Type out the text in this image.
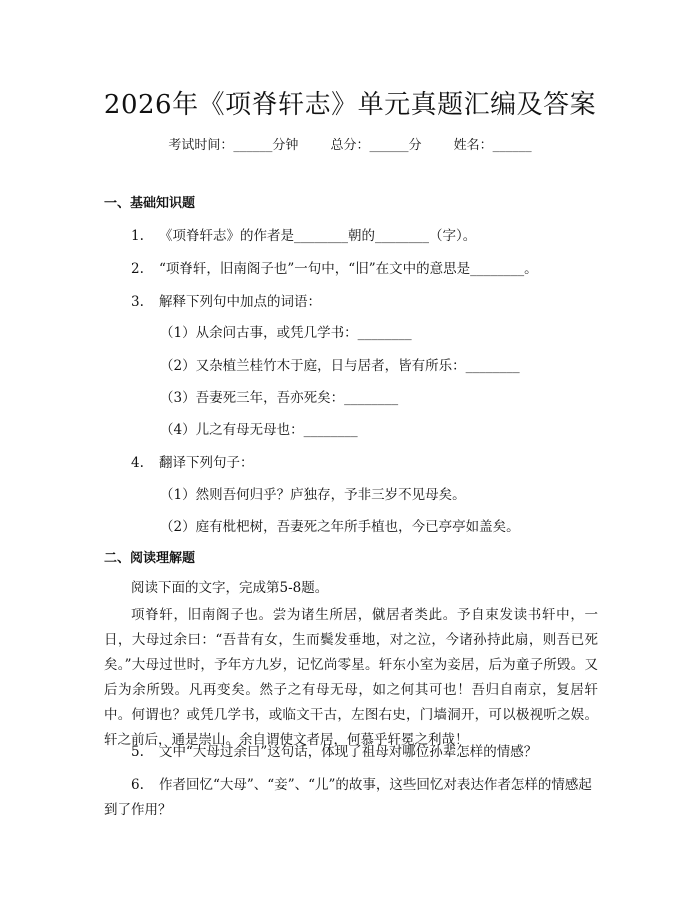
2026年《项脊轩志》单元真题汇编及答案
考试时间：______分钟 总分：______分 姓名：______
一、基础知识题
1. 《项脊轩志》的作者是________朝的________（字）。
2. “项脊轩，旧南阁子也”一句中，“旧”在文中的意思是________。
3. 解释下列句中加点的词语：
（1）从余问古事，或凭几学书：________
（2）又杂植兰桂竹木于庭，日与居者，皆有所乐：________
（3）吾妻死三年，吾亦死矣：________
（4）儿之有母无母也：________
4. 翻译下列句子：
（1）然则吾何归乎？庐独存，予非三岁不见母矣。
（2）庭有枇杷树，吾妻死之年所手植也，今已亭亭如盖矣。
二、阅读理解题
阅读下面的文字，完成第5-8题。
项脊轩，旧南阁子也。尝为诸生所居，僦居者类此。予自束发读书轩中，一日，大母过余曰：“吾昔有女，生而鬓发垂地，对之泣，今诸孙持此扇，则吾已死矣。”大母过世时，予年方九岁，记忆尚零星。轩东小室为妾居，后为童子所毁。又后为余所毁。凡再变矣。然子之有母无母，如之何其可也！吾归自南京，复居轩中。何谓也？或凭几学书，或临文干古，左图右史，门墙洞开，可以极视听之娱。轩之前后，通是崇山。余自谓使文者居，何慕乎轩冕之利哉！
5. 文中“大母过余曰”这句话，体现了祖母对哪位孙辈怎样的情感？
6. 作者回忆“大母”、“妾”、“儿”的故事，这些回忆对表达作者怎样的情感起到了作用？
